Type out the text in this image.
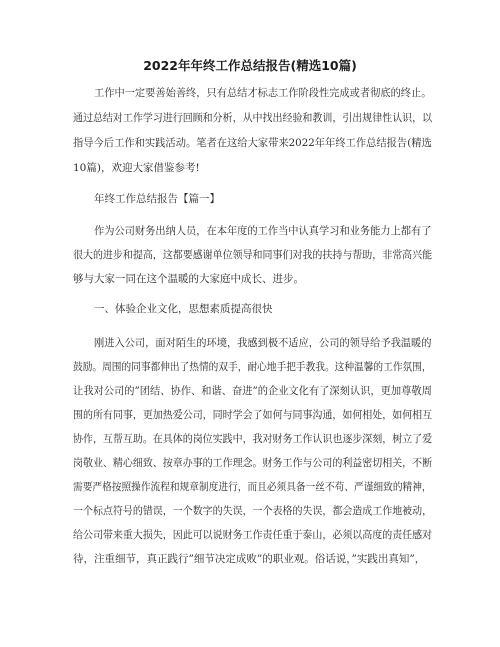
2022年年终工作总结报告(精选10篇)
工作中一定要善始善终，只有总结才标志工作阶段性完成或者彻底的终止。
通过总结对工作学习进行回顾和分析，从中找出经验和教训，引出规律性认识，以
指导今后工作和实践活动。笔者在这给大家带来2022年年终工作总结报告(精选
10篇)，欢迎大家借鉴参考!
年终工作总结报告【篇一】
作为公司财务出纳人员，在本年度的工作当中认真学习和业务能力上都有了
很大的进步和提高，这都要感谢单位领导和同事们对我的扶持与帮助，非常高兴能
够与大家一同在这个温暖的大家庭中成长、进步。
一、体验企业文化，思想素质提高很快
刚进入公司，面对陌生的环境，我感到极不适应，公司的领导给予我温暖的
鼓励。周围的同事都伸出了热情的双手，耐心地手把手教我。这种温馨的工作氛围，
让我对公司的”团结、协作、和谐、奋进”的企业文化有了深刻认识，更加尊敬周
围的所有同事，更加热爱公司，同时学会了如何与同事沟通，如何相处，如何相互
协作，互帮互助。在具体的岗位实践中，我对财务工作认识也逐步深刻，树立了爱
岗敬业、精心细致、按章办事的工作理念。财务工作与公司的利益密切相关，不断
需要严格按照操作流程和规章制度进行，而且必须具备一丝不苟、严谨细致的精神，
一个标点符号的错误，一个数字的失误，一个表格的失误，都会造成工作地被动，
给公司带来重大损失，因此可以说财务工作责任重于泰山，必须以高度的责任感对
待，注重细节，真正践行”细节决定成败”的职业观。俗话说，”实践出真知”，
